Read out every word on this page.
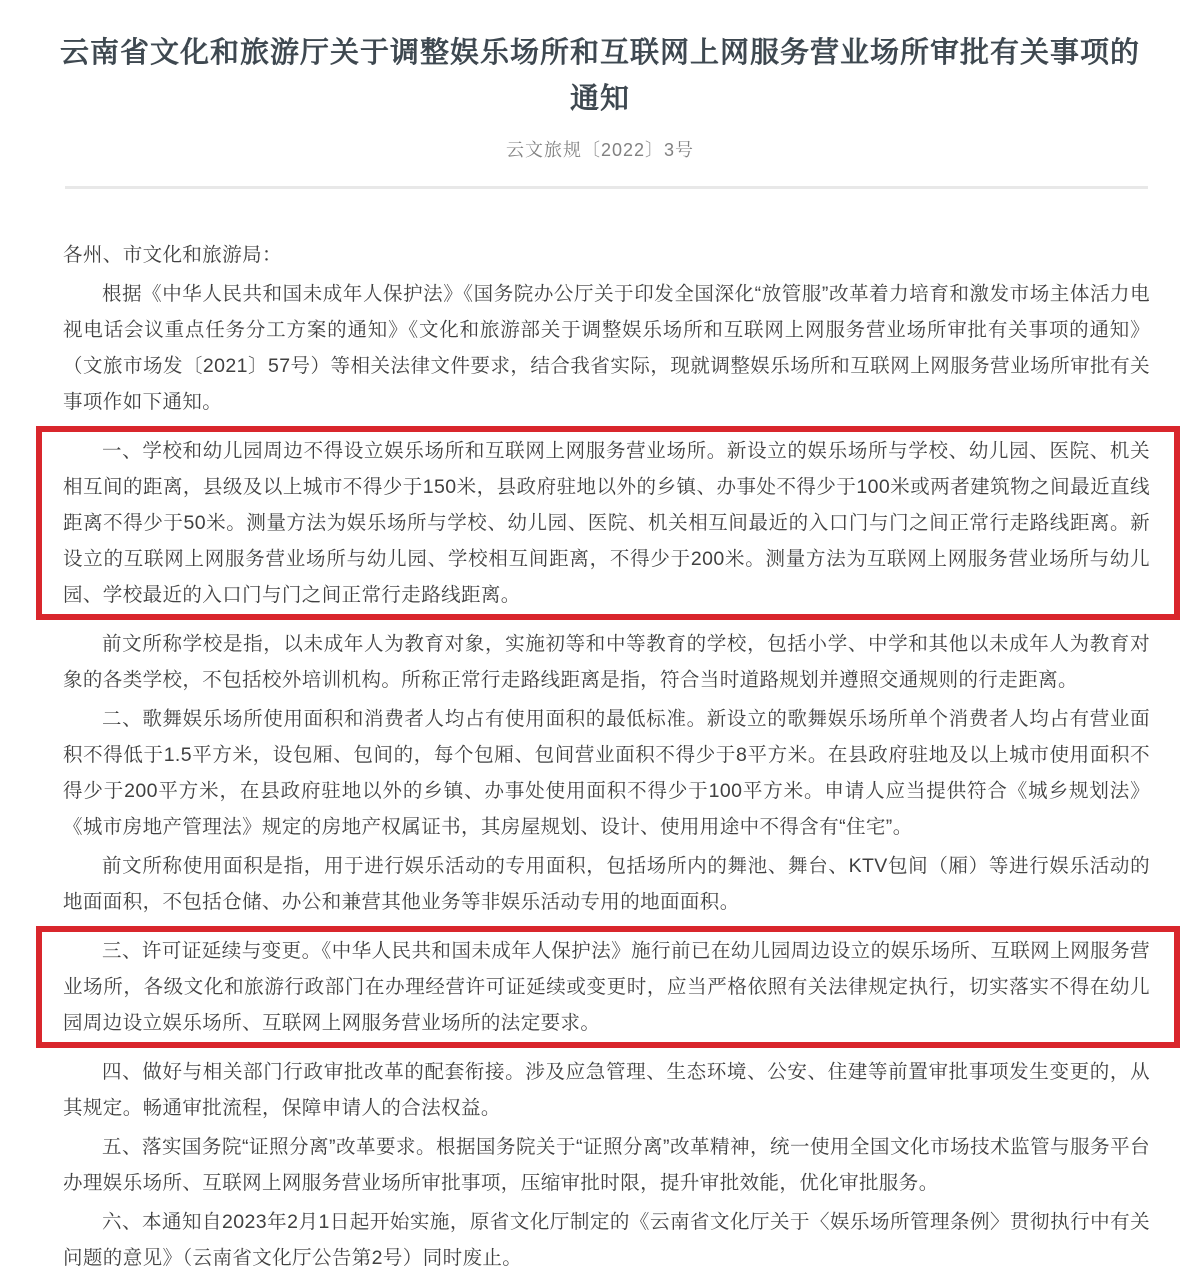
云南省文化和旅游厅关于调整娱乐场所和互联网上网服务营业场所审批有关事项的通知
云文旅规〔2022〕3号

各州、市文化和旅游局：

根据《中华人民共和国未成年人保护法》《国务院办公厅关于印发全国深化“放管服”改革着力培育和激发市场主体活力电视电话会议重点任务分工方案的通知》《文化和旅游部关于调整娱乐场所和互联网上网服务营业场所审批有关事项的通知》（文旅市场发〔2021〕57号）等相关法律文件要求，结合我省实际，现就调整娱乐场所和互联网上网服务营业场所审批有关事项作如下通知。

一、学校和幼儿园周边不得设立娱乐场所和互联网上网服务营业场所。新设立的娱乐场所与学校、幼儿园、医院、机关相互间的距离，县级及以上城市不得少于150米，县政府驻地以外的乡镇、办事处不得少于100米或两者建筑物之间最近直线距离不得少于50米。测量方法为娱乐场所与学校、幼儿园、医院、机关相互间最近的入口门与门之间正常行走路线距离。新设立的互联网上网服务营业场所与幼儿园、学校相互间距离，不得少于200米。测量方法为互联网上网服务营业场所与幼儿园、学校最近的入口门与门之间正常行走路线距离。

前文所称学校是指，以未成年人为教育对象，实施初等和中等教育的学校，包括小学、中学和其他以未成年人为教育对象的各类学校，不包括校外培训机构。所称正常行走路线距离是指，符合当时道路规划并遵照交通规则的行走距离。

二、歌舞娱乐场所使用面积和消费者人均占有使用面积的最低标准。新设立的歌舞娱乐场所单个消费者人均占有营业面积不得低于1.5平方米，设包厢、包间的，每个包厢、包间营业面积不得少于8平方米。在县政府驻地及以上城市使用面积不得少于200平方米，在县政府驻地以外的乡镇、办事处使用面积不得少于100平方米。申请人应当提供符合《城乡规划法》《城市房地产管理法》规定的房地产权属证书，其房屋规划、设计、使用用途中不得含有“住宅”。

前文所称使用面积是指，用于进行娱乐活动的专用面积，包括场所内的舞池、舞台、KTV包间（厢）等进行娱乐活动的地面面积，不包括仓储、办公和兼营其他业务等非娱乐活动专用的地面面积。

三、许可证延续与变更。《中华人民共和国未成年人保护法》施行前已在幼儿园周边设立的娱乐场所、互联网上网服务营业场所，各级文化和旅游行政部门在办理经营许可证延续或变更时，应当严格依照有关法律规定执行，切实落实不得在幼儿园周边设立娱乐场所、互联网上网服务营业场所的法定要求。

四、做好与相关部门行政审批改革的配套衔接。涉及应急管理、生态环境、公安、住建等前置审批事项发生变更的，从其规定。畅通审批流程，保障申请人的合法权益。

五、落实国务院“证照分离”改革要求。根据国务院关于“证照分离”改革精神，统一使用全国文化市场技术监管与服务平台办理娱乐场所、互联网上网服务营业场所审批事项，压缩审批时限，提升审批效能，优化审批服务。

六、本通知自2023年2月1日起开始实施，原省文化厅制定的《云南省文化厅关于〈娱乐场所管理条例〉贯彻执行中有关问题的意见》（云南省文化厅公告第2号）同时废止。
